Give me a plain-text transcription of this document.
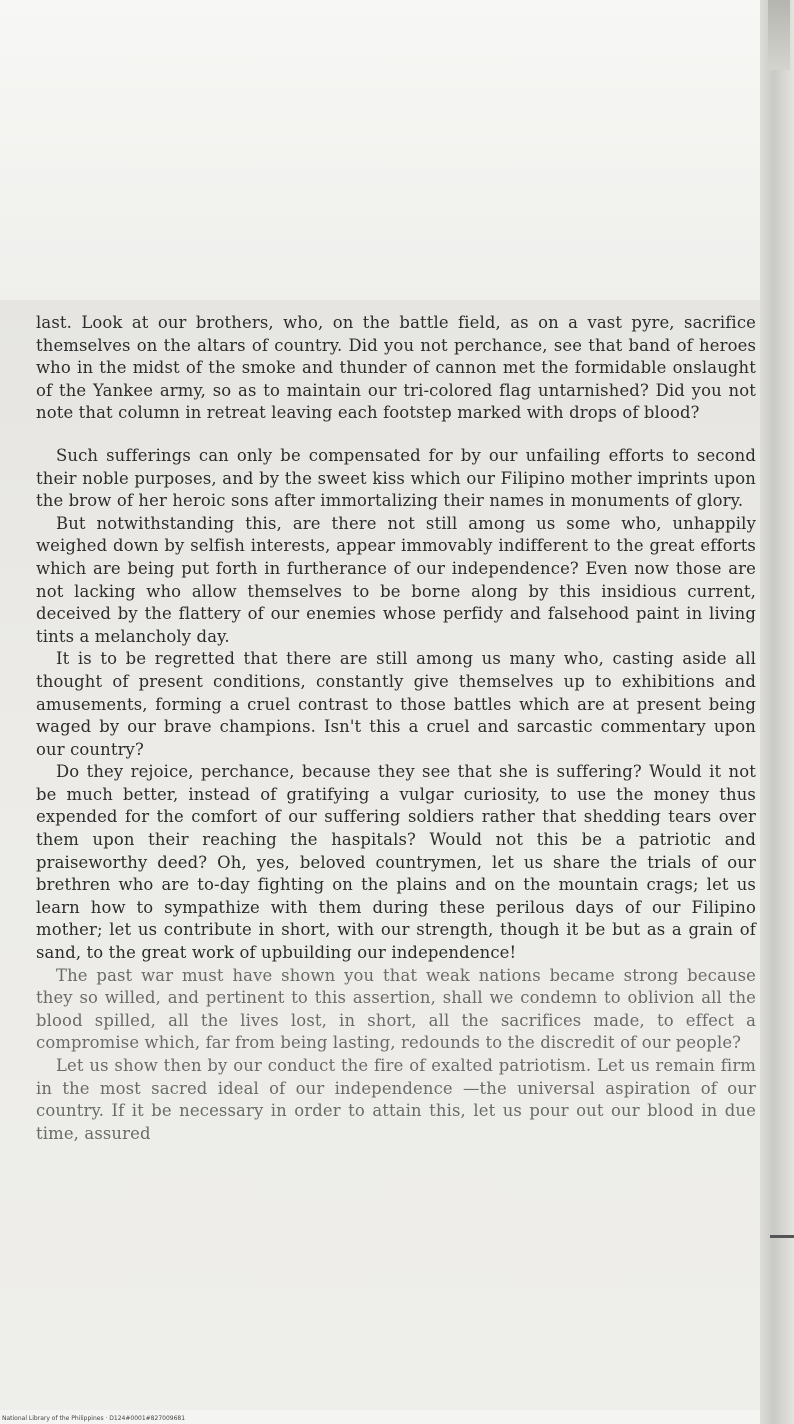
last. Look at our brothers, who, on the battle field, as on a vast pyre, sacrifice themselves on the altars of country. Did you not perchance, see that band of heroes who in the midst of the smoke and thunder of cannon met the formidable onslaught of the Yankee army, so as to maintain our tri-colored flag untarnished? Did you not note that column in retreat leaving each footstep marked with drops of blood?

Such sufferings can only be compensated for by our unfailing efforts to second their noble purposes, and by the sweet kiss which our Filipino mother imprints upon the brow of her heroic sons after immortalizing their names in monuments of glory.

But notwithstanding this, are there not still among us some who, unhappily weighed down by selfish interests, appear immovably indifferent to the great efforts which are being put forth in furtherance of our independence? Even now those are not lacking who allow themselves to be borne along by this insidious current, deceived by the flattery of our enemies whose perfidy and falsehood paint in living tints a melancholy day.

It is to be regretted that there are still among us many who, casting aside all thought of present conditions, constantly give themselves up to exhibitions and amusements, forming a cruel contrast to those battles which are at present being waged by our brave champions. Isn't this a cruel and sarcastic commentary upon our country?

Do they rejoice, perchance, because they see that she is suffering? Would it not be much better, instead of gratifying a vulgar curiosity, to use the money thus expended for the comfort of our suffering soldiers rather that shedding tears over them upon their reaching the haspitals? Would not this be a patriotic and praiseworthy deed? Oh, yes, beloved countrymen, let us share the trials of our brethren who are to-day fighting on the plains and on the mountain crags; let us learn how to sympathize with them during these perilous days of our Filipino mother; let us contribute in short, with our strength, though it be but as a grain of sand, to the great work of upbuilding our independence!

The past war must have shown you that weak nations became strong because they so willed, and pertinent to this assertion, shall we condemn to oblivion all the blood spilled, all the lives lost, in short, all the sacrifices made, to effect a compromise which, far from being lasting, redounds to the discredit of our people?

Let us show then by our conduct the fire of exalted patriotism. Let us remain firm in the most sacred ideal of our independence —the universal aspiration of our country. If it be necessary in order to attain this, let us pour out our blood in due time, assured

National Library of the Philippines · D124#0001#827009681
